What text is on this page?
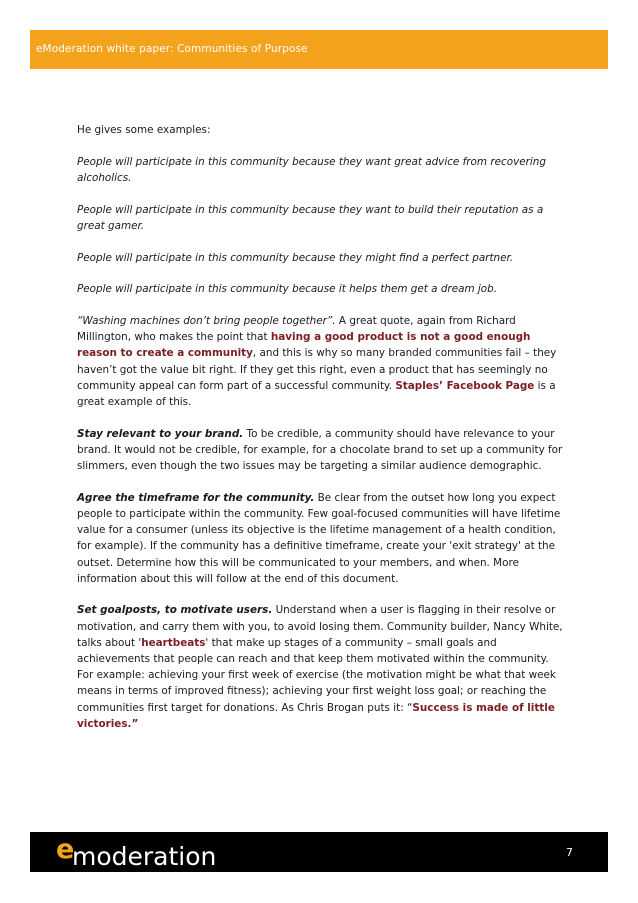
eModeration white paper: Communities of Purpose

He gives some examples:

People will participate in this community because they want great advice from recovering alcoholics.

People will participate in this community because they want to build their reputation as a great gamer.

People will participate in this community because they might find a perfect partner.

People will participate in this community because it helps them get a dream job.

“Washing machines don’t bring people together”. A great quote, again from Richard Millington, who makes the point that having a good product is not a good enough reason to create a community, and this is why so many branded communities fail – they haven’t got the value bit right. If they get this right, even a product that has seemingly no community appeal can form part of a successful community. Staples’ Facebook Page is a great example of this.

Stay relevant to your brand. To be credible, a community should have relevance to your brand. It would not be credible, for example, for a chocolate brand to set up a community for slimmers, even though the two issues may be targeting a similar audience demographic.

Agree the timeframe for the community. Be clear from the outset how long you expect people to participate within the community. Few goal-focused communities will have lifetime value for a consumer (unless its objective is the lifetime management of a health condition, for example). If the community has a definitive timeframe, create your 'exit strategy' at the outset. Determine how this will be communicated to your members, and when. More information about this will follow at the end of this document.

Set goalposts, to motivate users. Understand when a user is flagging in their resolve or motivation, and carry them with you, to avoid losing them. Community builder, Nancy White, talks about 'heartbeats' that make up stages of a community – small goals and achievements that people can reach and that keep them motivated within the community. For example: achieving your first week of exercise (the motivation might be what that week means in terms of improved fitness); achieving your first weight loss goal; or reaching the communities first target for donations. As Chris Brogan puts it: “Success is made of little victories.”

e
moderation	7
